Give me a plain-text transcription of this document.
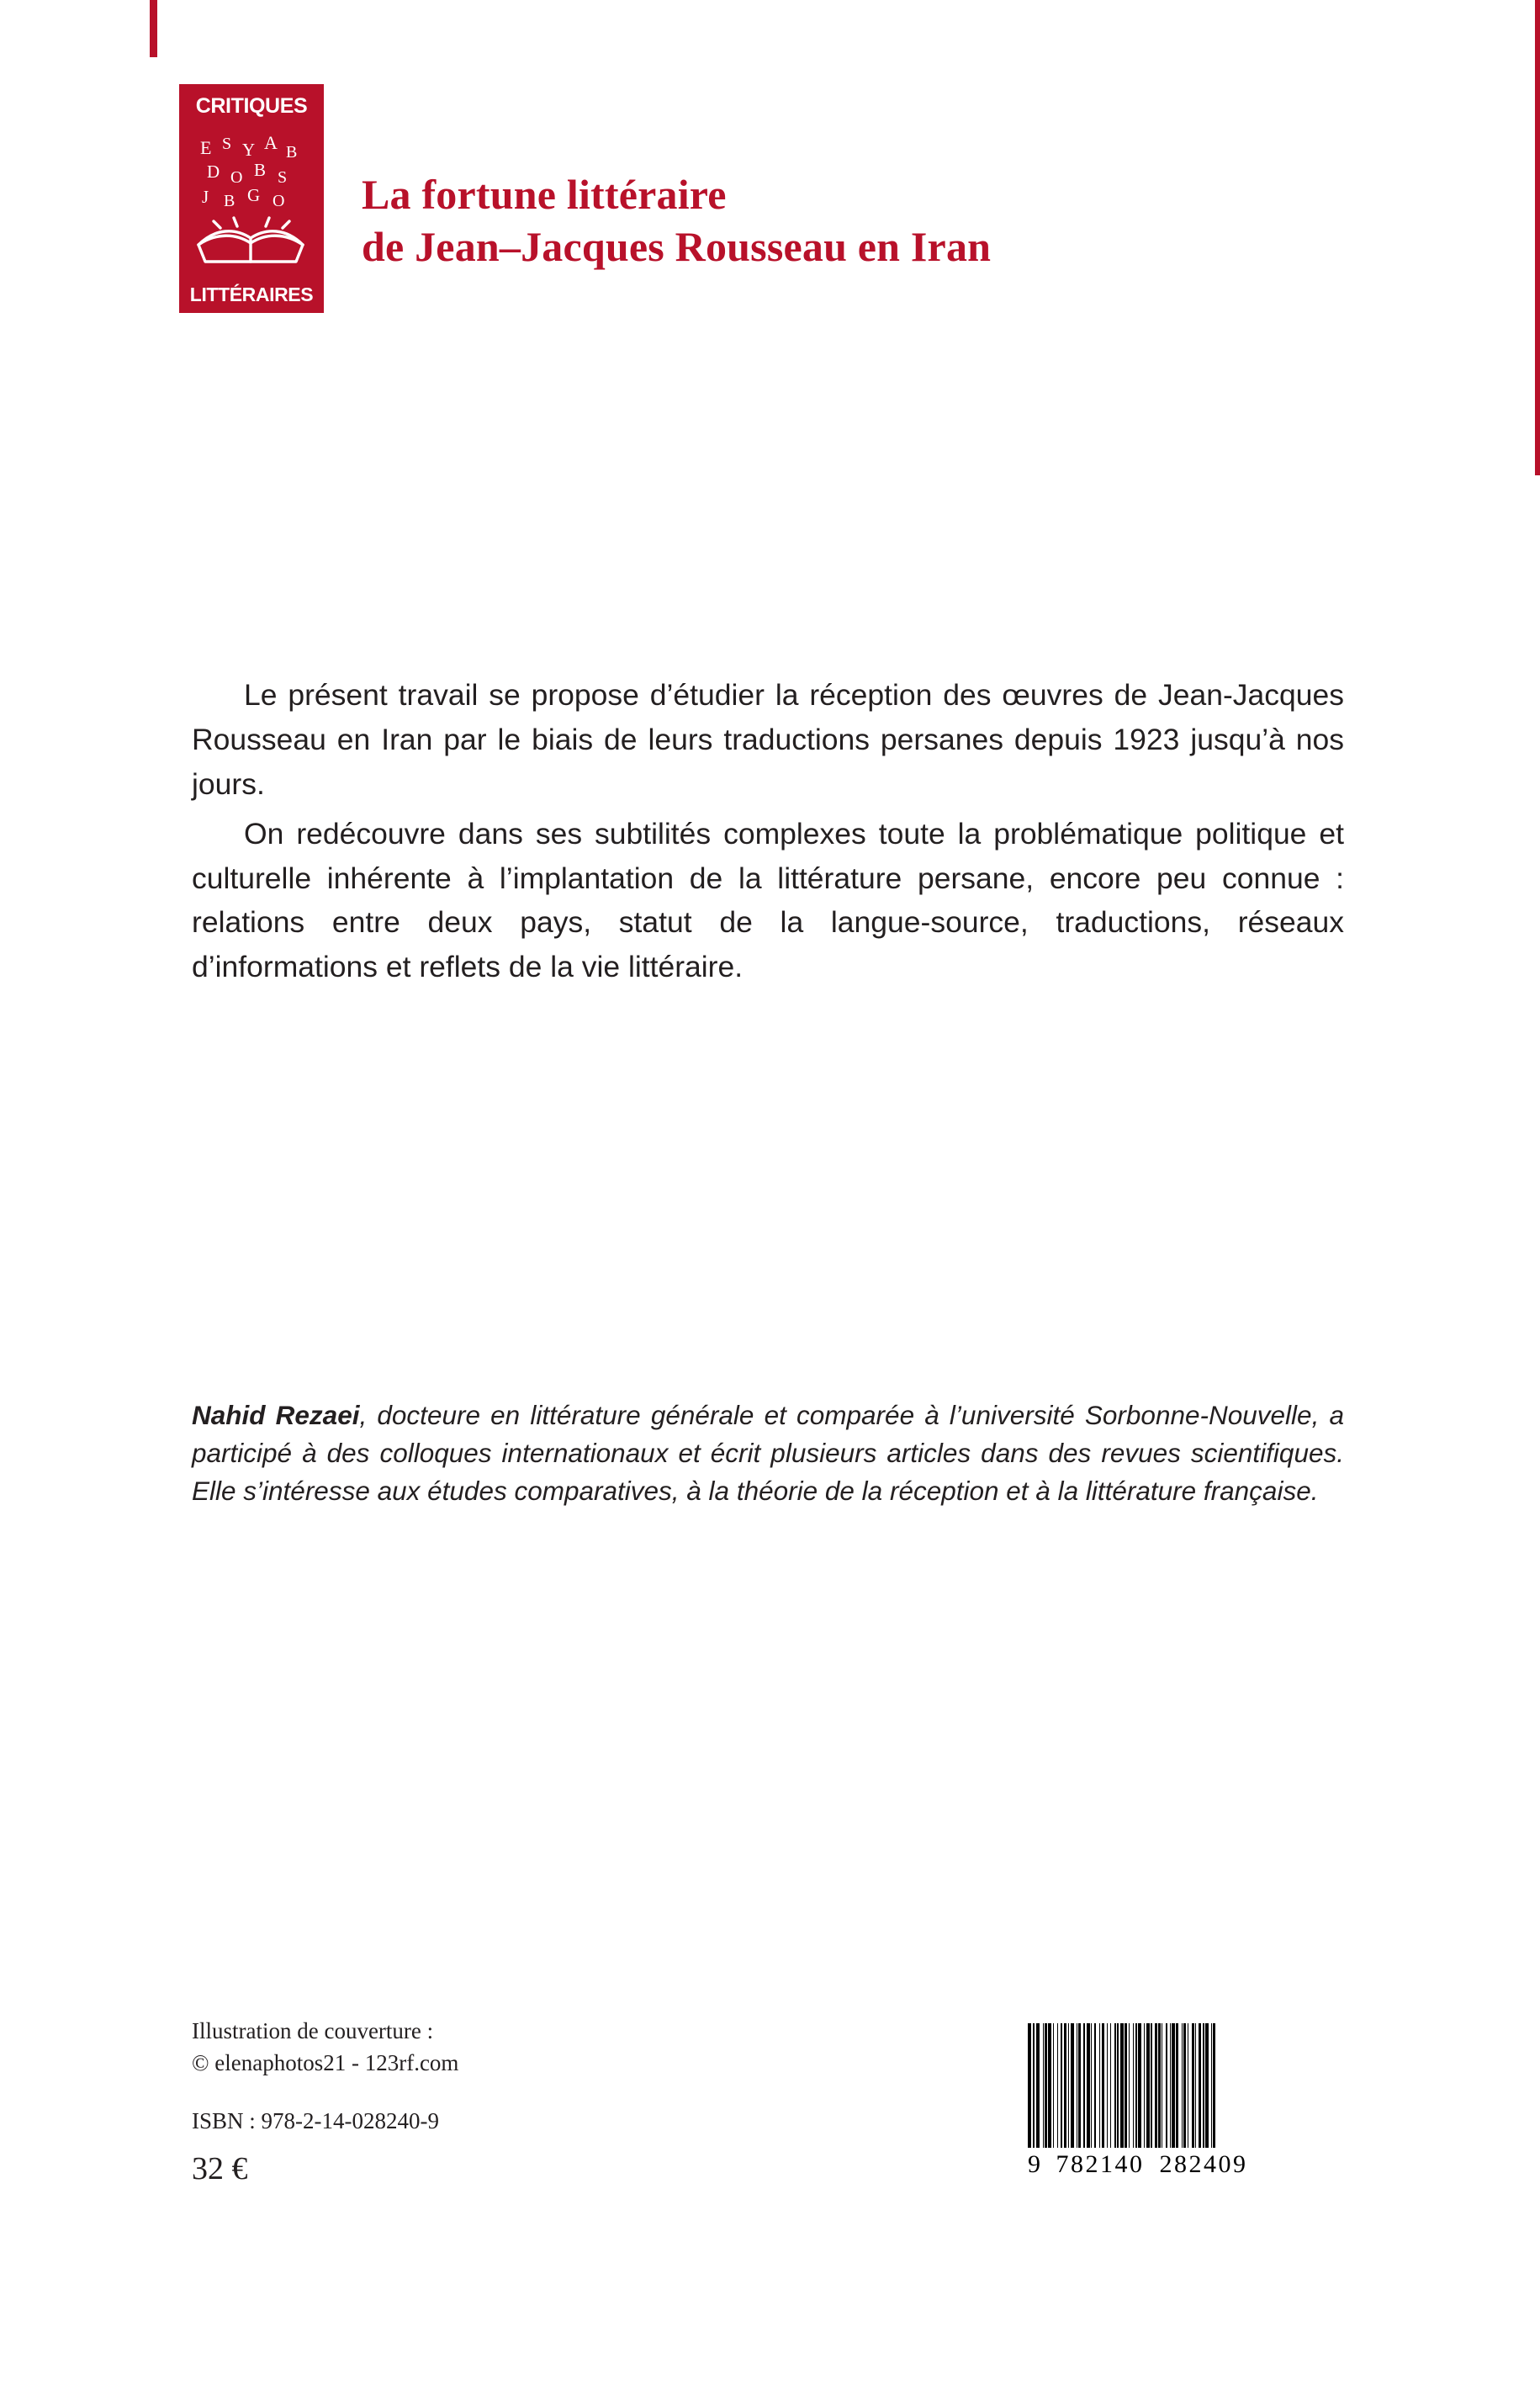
CRITIQUES
E S Y A B
D O B S
J B G O
LITTÉRAIRES
La fortune littéraire
de Jean–Jacques Rousseau en Iran

Le présent travail se propose d’étudier la réception des œuvres de Jean-Jacques Rousseau en Iran par le biais de leurs traductions persanes depuis 1923 jusqu’à nos jours.

On redécouvre dans ses subtilités complexes toute la problématique politique et culturelle inhérente à l’implantation de la littérature persane, encore peu connue : relations entre deux pays, statut de la langue-source, traductions, réseaux d’informations et reflets de la vie littéraire.

Nahid Rezaei, docteure en littérature générale et comparée à l’université Sorbonne-Nouvelle, a participé à des colloques internationaux et écrit plusieurs articles dans des revues scientifiques. Elle s’intéresse aux études comparatives, à la théorie de la réception et à la littérature française.

Illustration de couverture :
© elenaphotos21 - 123rf.com
ISBN : 978-2-14-028240-9
32 €	9 782140 282409
